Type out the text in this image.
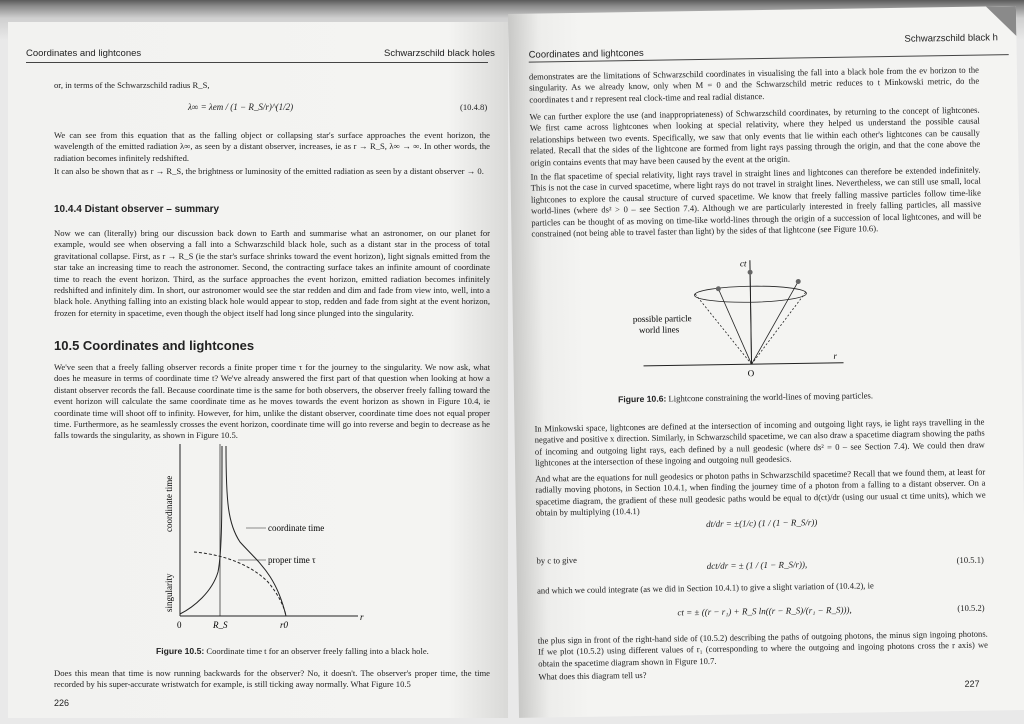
Coordinates and lightcones	Schwarzschild black holes
or, in terms of the Schwarzschild radius R_S,
λ∞ = λem / (1 − R_S/r)^(1/2)	(10.4.8)
We can see from this equation that as the falling object or collapsing star's surface approaches the event horizon, the wavelength of the emitted radiation λ∞, as seen by a distant observer, increases, ie as r → R_S, λ∞ → ∞. In other words, the radiation becomes infinitely redshifted.
It can also be shown that as r → R_S, the brightness or luminosity of the emitted radiation as seen by a distant observer → 0.
10.4.4 Distant observer – summary
Now we can (literally) bring our discussion back down to Earth and summarise what an astronomer, on our planet for example, would see when observing a fall into a Schwarzschild black hole, such as a distant star in the process of total gravitational collapse. First, as r → R_S (ie the star's surface shrinks toward the event horizon), light signals emitted from the star take an increasing time to reach the astronomer. Second, the contracting surface takes an infinite amount of coordinate time to reach the event horizon. Third, as the surface approaches the event horizon, emitted radiation becomes infinitely redshifted and infinitely dim. In short, our astronomer would see the star redden and dim and fade from view into, well, into a black hole. Anything falling into an existing black hole would appear to stop, redden and fade from sight at the event horizon, frozen for eternity in spacetime, even though the object itself had long since plunged into the singularity.
10.5 Coordinates and lightcones
We've seen that a freely falling observer records a finite proper time τ for the journey to the singularity. We now ask, what does he measure in terms of coordinate time t? We've already answered the first part of that question when looking at how a distant observer records the fall. Because coordinate time is the same for both observers, the observer freely falling toward the event horizon will calculate the same coordinate time as he moves towards the event horizon as shown in Figure 10.4, ie coordinate time will shoot off to infinity. However, for him, unlike the distant observer, coordinate time does not equal proper time. Furthermore, as he seamlessly crosses the event horizon, coordinate time will go into reverse and begin to decrease as he falls towards the singularity, as shown in Figure 10.5.
coordinate time
proper time τ
coordinate time
singularity
0	R_S	r0
r
Figure 10.5: Coordinate time t for an observer freely falling into a black hole.
Does this mean that time is now running backwards for the observer? No, it doesn't. The observer's proper time, the time recorded by his super-accurate wristwatch for example, is still ticking away normally. What Figure 10.5
226
Coordinates and lightcones
Schwarzschild black h
demonstrates are the limitations of Schwarzschild coordinates in visualising the fall into a black hole from the ev horizon to the singularity. As we already know, only when M = 0 and the Schwarzschild metric reduces to t Minkowski metric, do the coordinates t and r represent real clock-time and real radial distance.
We can further explore the use (and inappropriateness) of Schwarzschild coordinates, by returning to the concept of lightcones. We first came across lightcones when looking at special relativity, where they helped us understand the possible causal relationships between two events. Specifically, we saw that only events that lie within each other's lightcones can be causally related. Recall that the sides of the lightcone are formed from light rays passing through the origin, and that the cone above the origin contains events that may have been caused by the event at the origin.
In the flat spacetime of special relativity, light rays travel in straight lines and lightcones can therefore be extended indefinitely. This is not the case in curved spacetime, where light rays do not travel in straight lines. Nevertheless, we can still use small, local lightcones to explore the causal structure of curved spacetime. We know that freely falling massive particles follow time-like world-lines (where ds² > 0 – see Section 7.4). Although we are particularly interested in freely falling particles, all massive particles can be thought of as moving on time-like world-lines through the origin of a succession of local lightcones, and will be constrained (not being able to travel faster than light) by the sides of that lightcone (see Figure 10.6).
ct
r
O
possible particle
world lines
Figure 10.6: Lightcone constraining the world-lines of moving particles.
In Minkowski space, lightcones are defined at the intersection of incoming and outgoing light rays, ie light rays travelling in the negative and positive x direction. Similarly, in Schwarzschild spacetime, we can also draw a spacetime diagram showing the paths of incoming and outgoing light rays, each defined by a null geodesic (where ds² = 0 – see Section 7.4). We could then draw lightcones at the intersection of these ingoing and outgoing null geodesics.
And what are the equations for null geodesics or photon paths in Schwarzschild spacetime? Recall that we found them, at least for radially moving photons, in Section 10.4.1, when finding the journey time of a photon from a falling to a distant observer. On a spacetime diagram, the gradient of these null geodesic paths would be equal to d(ct)/dr (using our usual ct time units), which we obtain by multiplying (10.4.1)
dt/dr = ±(1/c) (1 / (1 − R_S/r))
by c to give	dct/dr = ± (1 / (1 − R_S/r)),	(10.5.1)
and which we could integrate (as we did in Section 10.4.1) to give a slight variation of (10.4.2), ie
ct = ± ((r − r₁) + R_S ln((r − R_S)/(r₁ − R_S))),	(10.5.2)
the plus sign in front of the right-hand side of (10.5.2) describing the paths of outgoing photons, the minus sign ingoing photons. If we plot (10.5.2) using different values of r₁ (corresponding to where the outgoing and ingoing photons cross the r axis) we obtain the spacetime diagram shown in Figure 10.7.
What does this diagram tell us?
227
